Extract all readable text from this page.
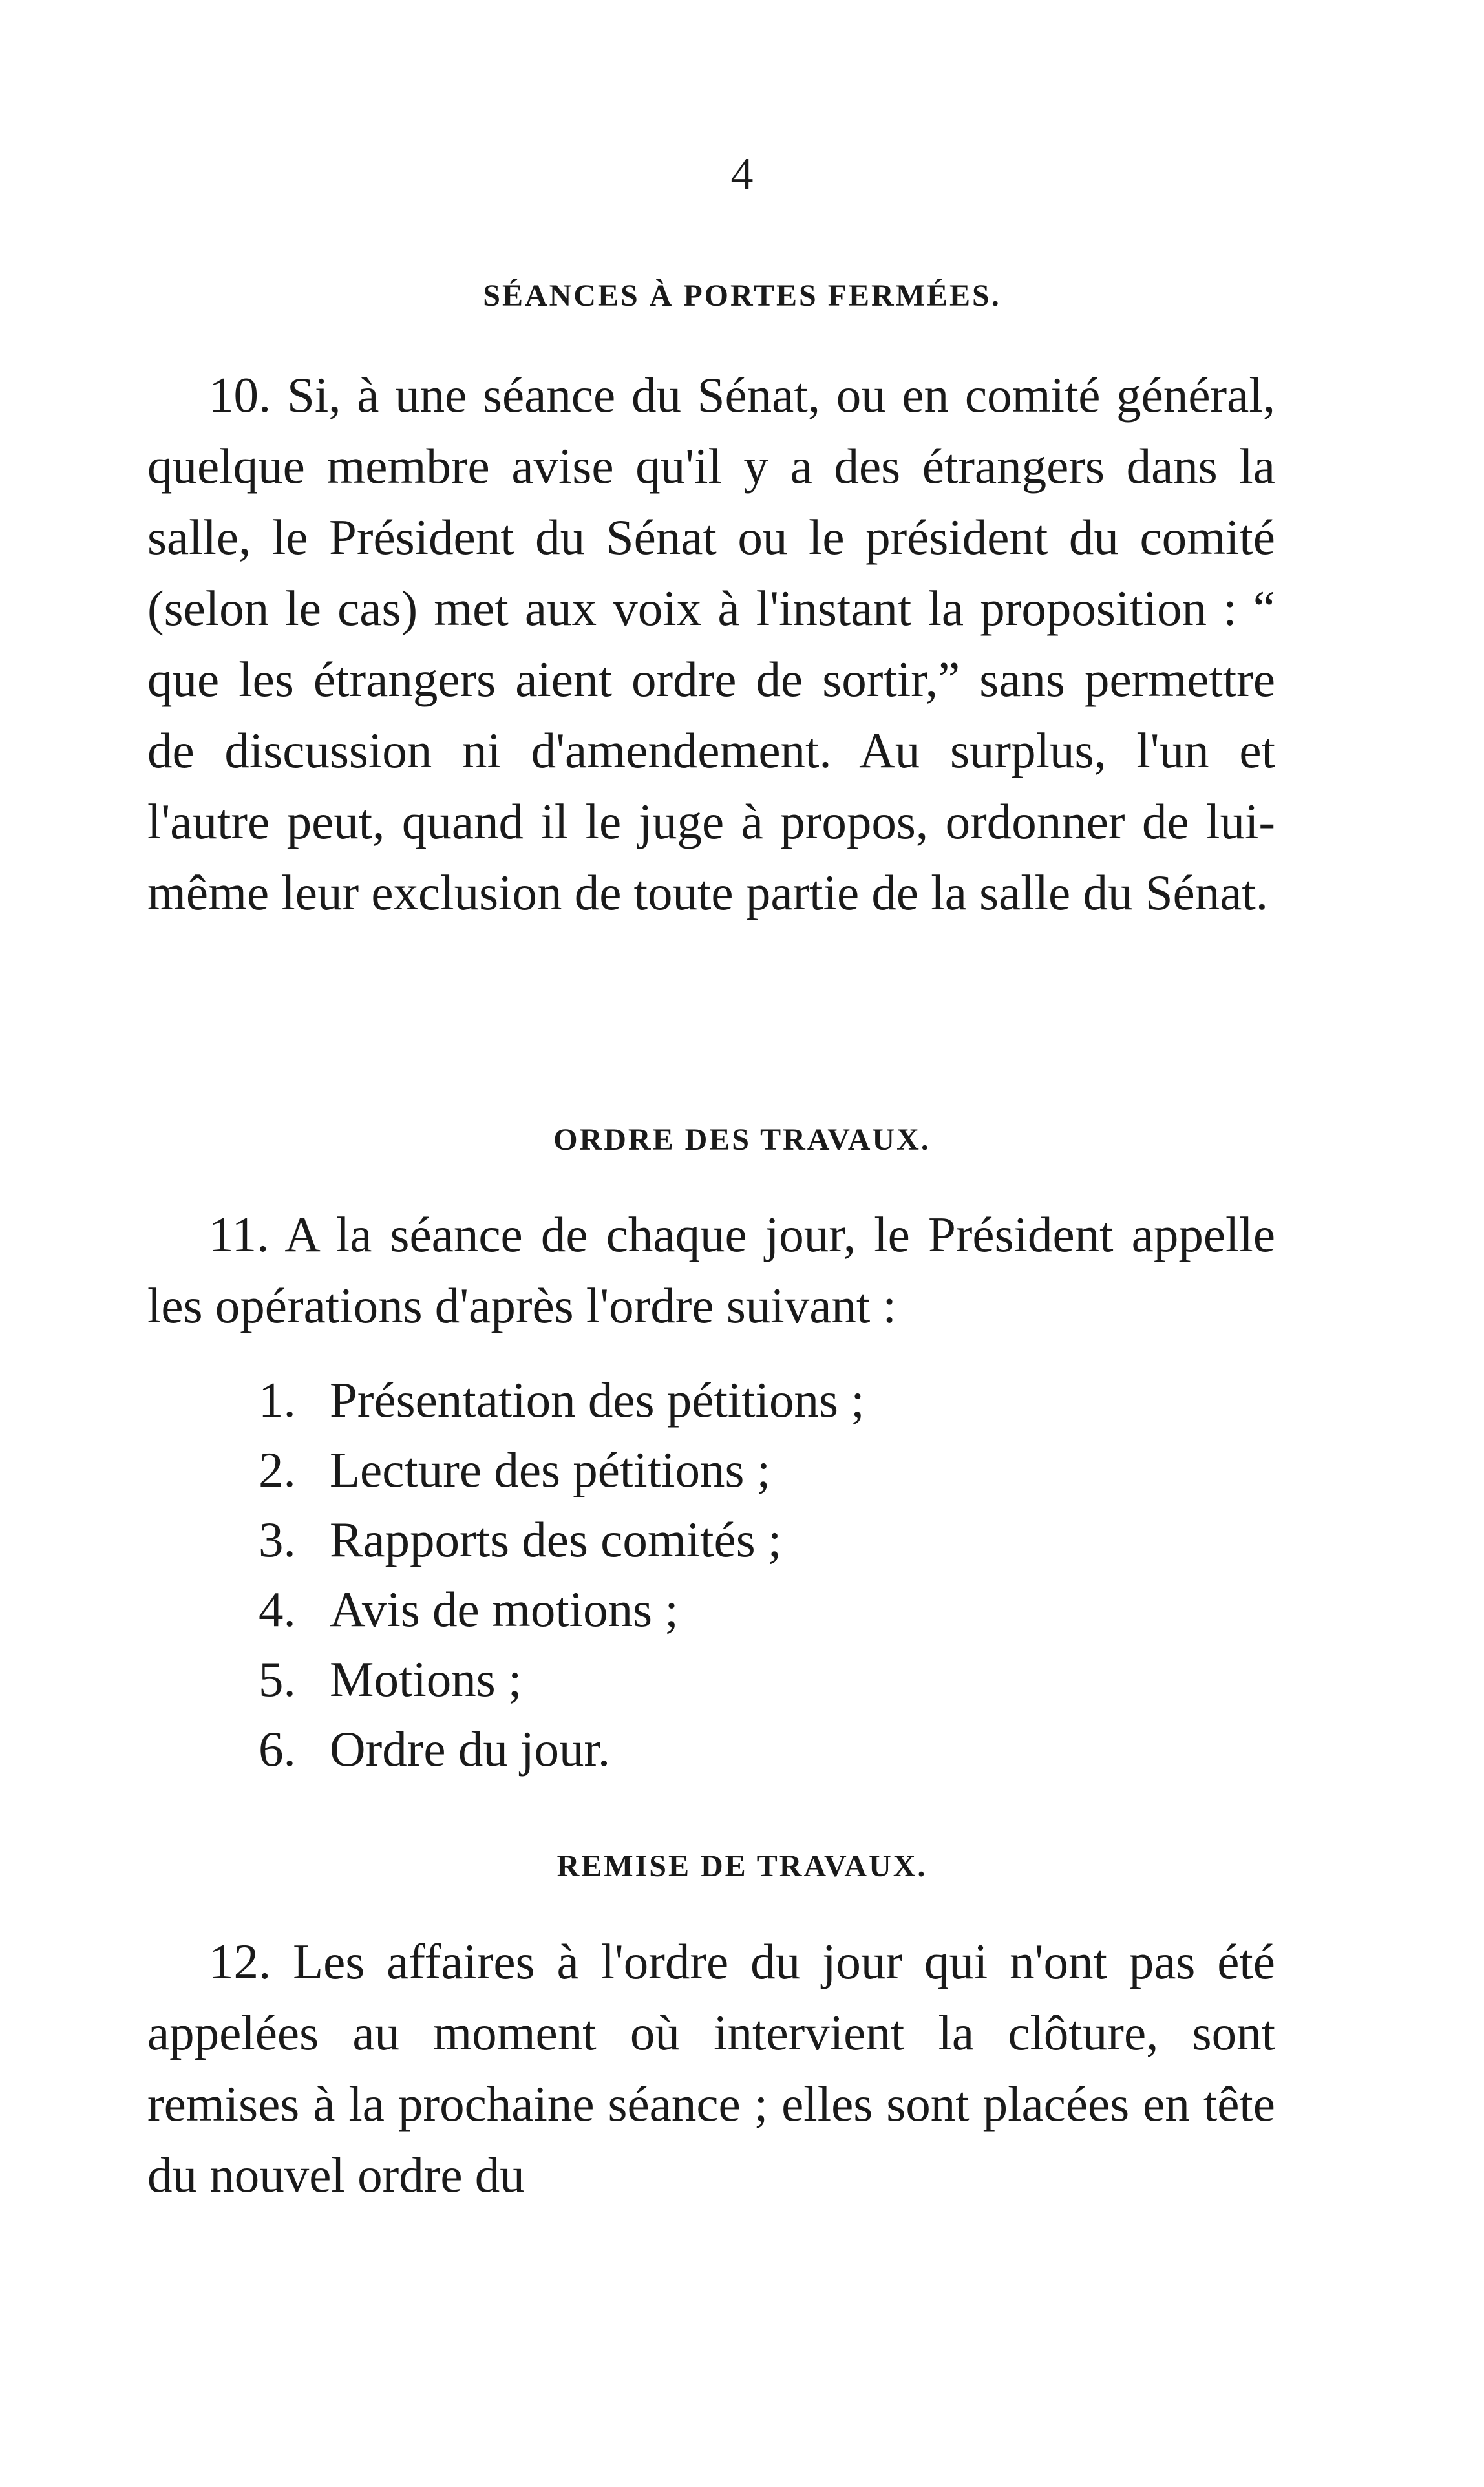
4
SÉANCES À PORTES FERMÉES.
10. Si, à une séance du Sénat, ou en comité général, quelque membre avise qu'il y a des étrangers dans la salle, le Président du Sénat ou le président du comité (selon le cas) met aux voix à l'instant la proposition : “ que les étrangers aient ordre de sortir,” sans permettre de discussion ni d'amendement. Au surplus, l'un et l'autre peut, quand il le juge à propos, ordonner de lui-même leur exclusion de toute partie de la salle du Sénat.
ORDRE DES TRAVAUX.
11. A la séance de chaque jour, le Président appelle les opérations d'après l'ordre suivant :
1. Présentation des pétitions ;
2. Lecture des pétitions ;
3. Rapports des comités ;
4. Avis de motions ;
5. Motions ;
6. Ordre du jour.
REMISE DE TRAVAUX.
12. Les affaires à l'ordre du jour qui n'ont pas été appelées au moment où intervient la clôture, sont remises à la prochaine séance ; elles sont placées en tête du nouvel ordre du
